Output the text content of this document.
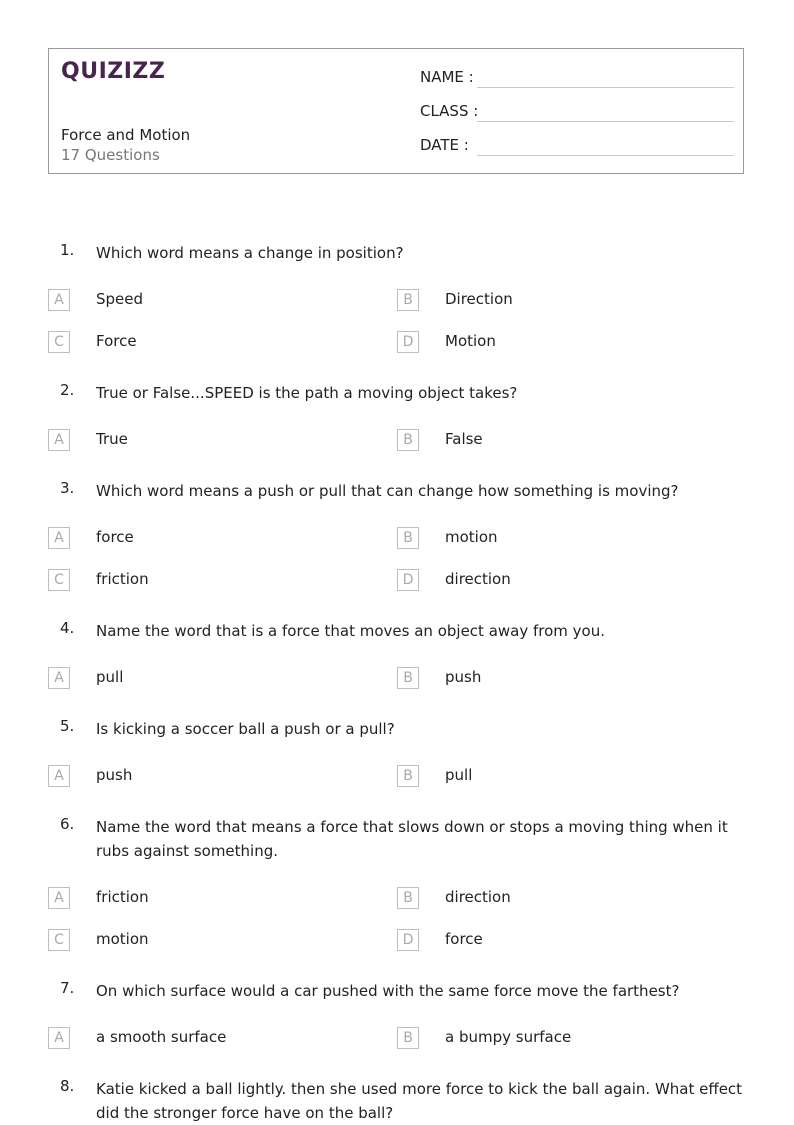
QUIZIZZ
Force and Motion
17 Questions
NAME :
CLASS :
DATE :
1. Which word means a change in position?
A	Speed	B	Direction
C	Force	D	Motion
2. True or False...SPEED is the path a moving object takes?
A	True	B	False
3. Which word means a push or pull that can change how something is moving?
A	force	B	motion
C	friction	D	direction
4. Name the word that is a force that moves an object away from you.
A	pull	B	push
5. Is kicking a soccer ball a push or a pull?
A	push	B	pull
6. Name the word that means a force that slows down or stops a moving thing when it rubs against something.
A	friction	B	direction
C	motion	D	force
7. On which surface would a car pushed with the same force move the farthest?
A	a smooth surface	B	a bumpy surface
8. Katie kicked a ball lightly. then she used more force to kick the ball again. What effect did the stronger force have on the ball?
